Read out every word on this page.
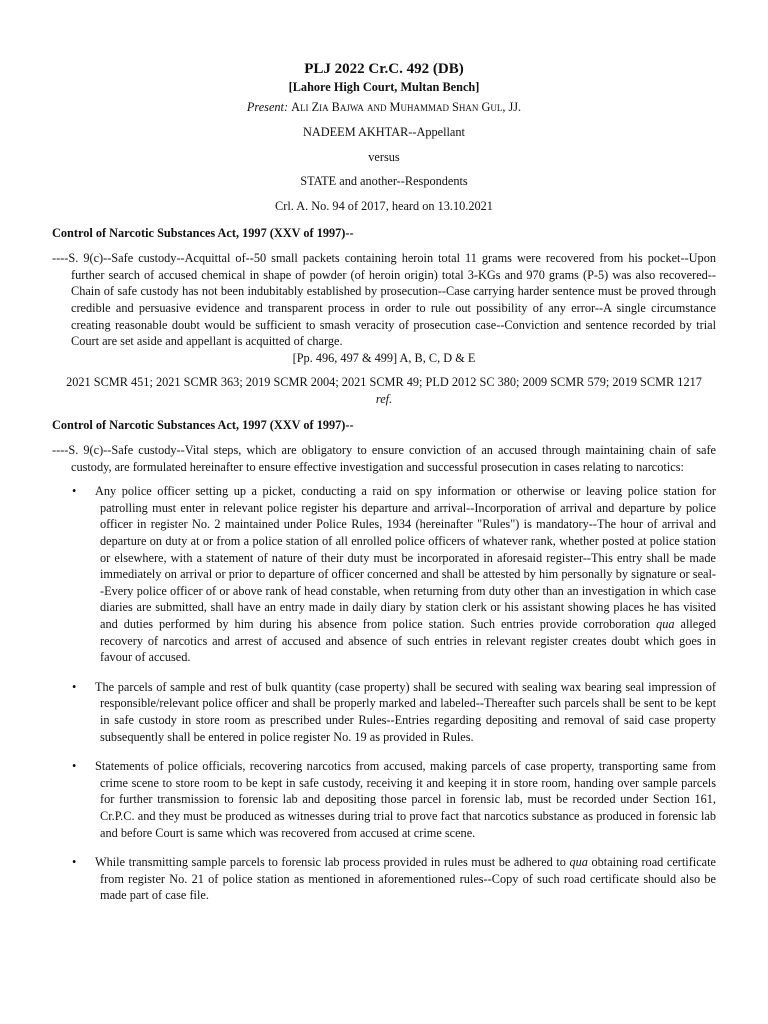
PLJ 2022 Cr.C. 492 (DB)
[Lahore High Court, Multan Bench]
Present: Ali Zia Bajwa and Muhammad Shan Gul, JJ.
NADEEM AKHTAR--Appellant
versus
STATE and another--Respondents
Crl. A. No. 94 of 2017, heard on 13.10.2021
Control of Narcotic Substances Act, 1997 (XXV of 1997)--
----S. 9(c)--Safe custody--Acquittal of--50 small packets containing heroin total 11 grams were recovered from his pocket--Upon further search of accused chemical in shape of powder (of heroin origin) total 3-KGs and 970 grams (P-5) was also recovered--Chain of safe custody has not been indubitably established by prosecution--Case carrying harder sentence must be proved through credible and persuasive evidence and transparent process in order to rule out possibility of any error--A single circumstance creating reasonable doubt would be sufficient to smash veracity of prosecution case--Conviction and sentence recorded by trial Court are set aside and appellant is acquitted of charge.
[Pp. 496, 497 & 499] A, B, C, D & E
2021 SCMR 451; 2021 SCMR 363; 2019 SCMR 2004; 2021 SCMR 49; PLD 2012 SC 380; 2009 SCMR 579; 2019 SCMR 1217 ref.
Control of Narcotic Substances Act, 1997 (XXV of 1997)--
----S. 9(c)--Safe custody--Vital steps, which are obligatory to ensure conviction of an accused through maintaining chain of safe custody, are formulated hereinafter to ensure effective investigation and successful prosecution in cases relating to narcotics:
• Any police officer setting up a picket, conducting a raid on spy information or otherwise or leaving police station for patrolling must enter in relevant police register his departure and arrival--Incorporation of arrival and departure by police officer in register No. 2 maintained under Police Rules, 1934 (hereinafter "Rules") is mandatory--The hour of arrival and departure on duty at or from a police station of all enrolled police officers of whatever rank, whether posted at police station or elsewhere, with a statement of nature of their duty must be incorporated in aforesaid register--This entry shall be made immediately on arrival or prior to departure of officer concerned and shall be attested by him personally by signature or seal--Every police officer of or above rank of head constable, when returning from duty other than an investigation in which case diaries are submitted, shall have an entry made in daily diary by station clerk or his assistant showing places he has visited and duties performed by him during his absence from police station. Such entries provide corroboration qua alleged recovery of narcotics and arrest of accused and absence of such entries in relevant register creates doubt which goes in favour of accused.
• The parcels of sample and rest of bulk quantity (case property) shall be secured with sealing wax bearing seal impression of responsible/relevant police officer and shall be properly marked and labeled--Thereafter such parcels shall be sent to be kept in safe custody in store room as prescribed under Rules--Entries regarding depositing and removal of said case property subsequently shall be entered in police register No. 19 as provided in Rules.
• Statements of police officials, recovering narcotics from accused, making parcels of case property, transporting same from crime scene to store room to be kept in safe custody, receiving it and keeping it in store room, handing over sample parcels for further transmission to forensic lab and depositing those parcel in forensic lab, must be recorded under Section 161, Cr.P.C. and they must be produced as witnesses during trial to prove fact that narcotics substance as produced in forensic lab and before Court is same which was recovered from accused at crime scene.
• While transmitting sample parcels to forensic lab process provided in rules must be adhered to qua obtaining road certificate from register No. 21 of police station as mentioned in aforementioned rules--Copy of such road certificate should also be made part of case file.
